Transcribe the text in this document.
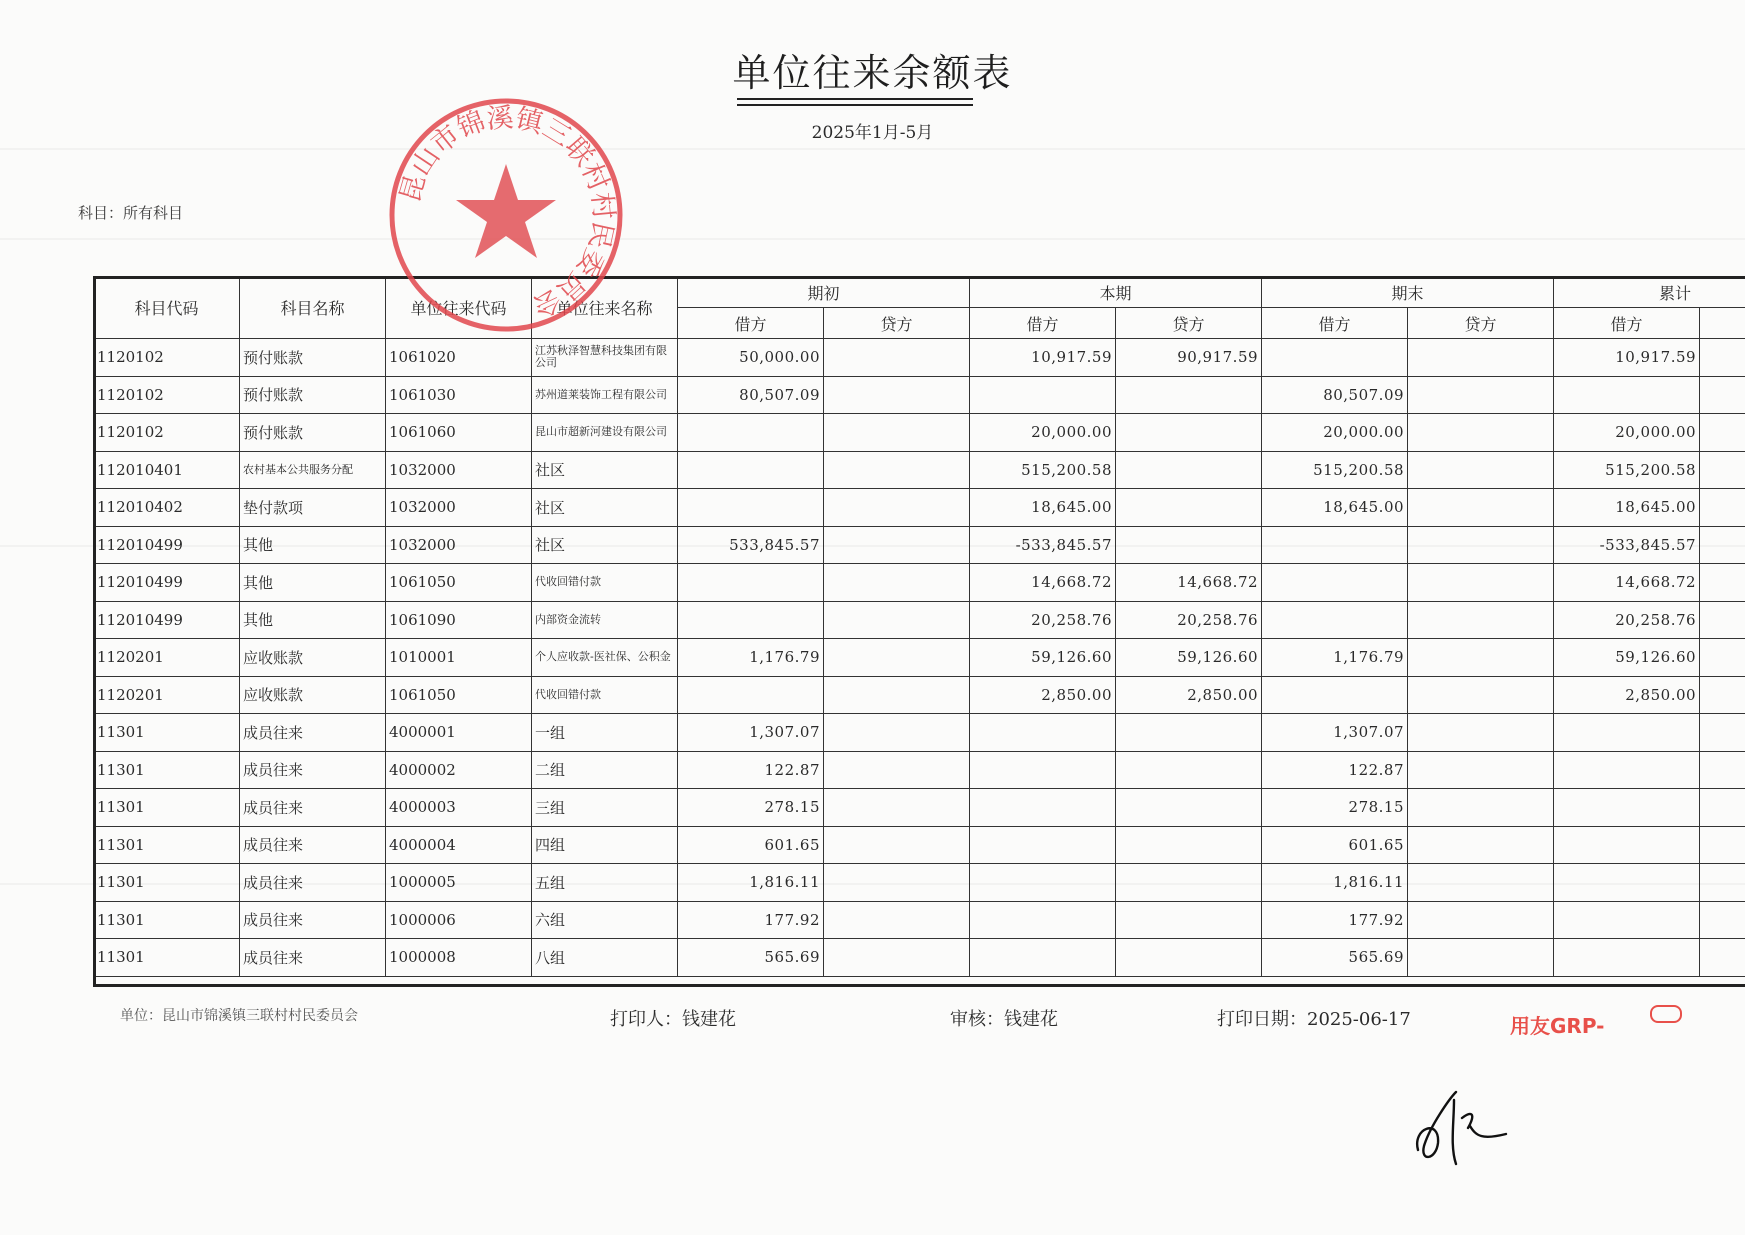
单位往来余额表
2025年1月-5月
科目：所有科目
科目代码	科目名称	单位往来代码	单位往来名称	期初		本期		期末		累计	
				借方	贷方	借方	贷方	借方	贷方	借方	
1120102	预付账款	1061020	江苏秋泽智慧科技集团有限公司	50,000.00		10,917.59	90,917.59			10,917.59	
1120102	预付账款	1061030	苏州道莱装饰工程有限公司	80,507.09				80,507.09			
1120102	预付账款	1061060	昆山市超新河建设有限公司			20,000.00		20,000.00		20,000.00	
112010401	农村基本公共服务分配	1032000	社区			515,200.58		515,200.58		515,200.58	
112010402	垫付款项	1032000	社区			18,645.00		18,645.00		18,645.00	
112010499	其他	1032000	社区	533,845.57		-533,845.57				-533,845.57	
112010499	其他	1061050	代收回错付款			14,668.72	14,668.72			14,668.72	
112010499	其他	1061090	内部资金流转			20,258.76	20,258.76			20,258.76	
1120201	应收账款	1010001	个人应收款-医社保、公积金	1,176.79		59,126.60	59,126.60	1,176.79		59,126.60	
1120201	应收账款	1061050	代收回错付款			2,850.00	2,850.00			2,850.00	
11301	成员往来	4000001	一组	1,307.07				1,307.07			
11301	成员往来	4000002	二组	122.87				122.87			
11301	成员往来	4000003	三组	278.15				278.15			
11301	成员往来	4000004	四组	601.65				601.65			
11301	成员往来	1000005	五组	1,816.11				1,816.11			
11301	成员往来	1000006	六组	177.92				177.92			
11301	成员往来	1000008	八组	565.69				565.69			
昆山市锦溪镇三联村村民委员会
单位：昆山市锦溪镇三联村村民委员会	打印人：钱建花	审核：钱建花	打印日期：2025-06-17	用友GRP-
